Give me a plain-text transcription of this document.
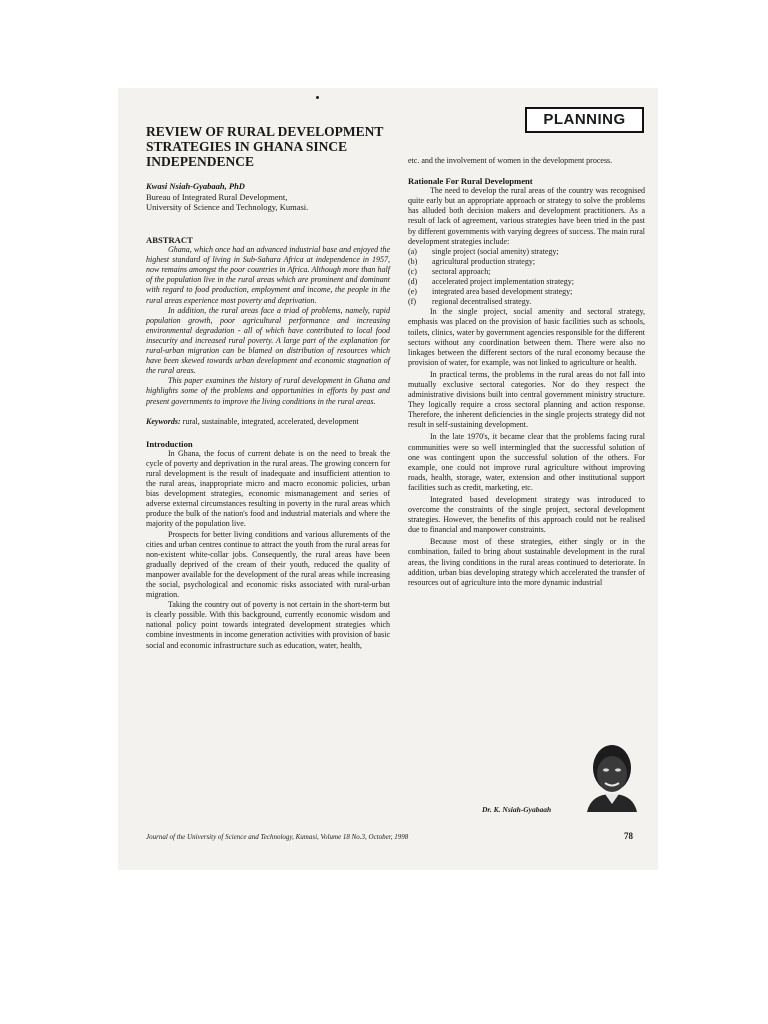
PLANNING
REVIEW OF RURAL DEVELOPMENT STRATEGIES IN GHANA SINCE INDEPENDENCE
Kwasi Nsiah-Gyabaah, PhD
Bureau of Integrated Rural Development,
University of Science and Technology, Kumasi.
ABSTRACT

Ghana, which once had an advanced industrial base and enjoyed the highest standard of living in Sub-Sahara Africa at independence in 1957, now remains amongst the poor countries in Africa. Although more than half of the population live in the rural areas which are prominent and dominant with regard to food production, employment and income, the people in the rural areas experience most poverty and deprivation.

In addition, the rural areas face a triad of problems, namely, rapid population growth, poor agricultural performance and increasing environmental degradation - all of which have contributed to local food insecurity and increased rural poverty. A large part of the explanation for rural-urban migration can be blamed on distribution of resources which have been skewed towards urban development and economic stagnation of the rural areas.

This paper examines the history of rural development in Ghana and highlights some of the problems and opportunities in efforts by past and present governments to improve the living conditions in the rural areas.

Keywords: rural, sustainable, integrated, accelerated, development

Introduction

In Ghana, the focus of current debate is on the need to break the cycle of poverty and deprivation in the rural areas. The growing concern for rural development is the result of inadequate and insufficient attention to the rural areas, inappropriate micro and macro economic policies, urban bias development strategies, economic mismanagement and series of adverse external circumstances resulting in poverty in the rural areas which produce the bulk of the nation's food and industrial materials and where the majority of the population live.

Prospects for better living conditions and various allurements of the cities and urban centres continue to attract the youth from the rural areas for non-existent white-collar jobs. Consequently, the rural areas have been gradually deprived of the cream of their youth, reduced the quality of manpower available for the development of the rural areas while increasing the social, psychological and economic risks associated with rural-urban migration.

Taking the country out of poverty is not certain in the short-term but is clearly possible. With this background, currently economic wisdom and national policy point towards integrated development strategies which combine investments in income generation activities with provision of basic social and economic infrastructure such as education, water, health,

etc. and the involvement of women in the development process.

Rationale For Rural Development

The need to develop the rural areas of the country was recognised quite early but an appropriate approach or strategy to solve the problems has alluded both decision makers and development practitioners. As a result of lack of agreement, various strategies have been tried in the past by different governments with varying degrees of success. The main rural development strategies include:

(a)	single project (social amenity) strategy;
(b)	agricultural production strategy;
(c)	sectoral approach;
(d)	accelerated project implementation strategy;
(e)	integrated area based development strategy;
(f)	regional decentralised strategy.

In the single project, social amenity and sectoral strategy, emphasis was placed on the provision of basic facilities such as schools, toilets, clinics, water by government agencies responsible for the different sectors without any coordination between them. There were also no linkages between the different sectors of the rural economy because the provision of water, for example, was not linked to agriculture or health.

In practical terms, the problems in the rural areas do not fall into mutually exclusive sectoral categories. Nor do they respect the administrative divisions built into central government ministry structure. They logically require a cross sectoral planning and action response. Therefore, the inherent deficiencies in the single projects strategy did not result in self-sustaining development.

In the late 1970's, it became clear that the problems facing rural communities were so well intermingled that the successful solution of one was contingent upon the successful solution of the others. For example, one could not improve rural agriculture without improving roads, health, storage, water, extension and other institutional support facilities such as credit, marketing, etc.

Integrated based development strategy was introduced to overcome the constraints of the single project, sectoral development strategies. However, the benefits of this approach could not be realised due to financial and manpower constraints.

Because most of these strategies, either singly or in the combination, failed to bring about sustainable development in the rural areas, the living conditions in the rural areas continued to deteriorate. In addition, urban bias developing strategy which accelerated the transfer of resources out of agriculture into the more dynamic industrial

Dr. K. Nsiah-Gyabaah
Journal of the University of Science and Technology, Kumasi, Volume 18 No.3, October, 1998	78
